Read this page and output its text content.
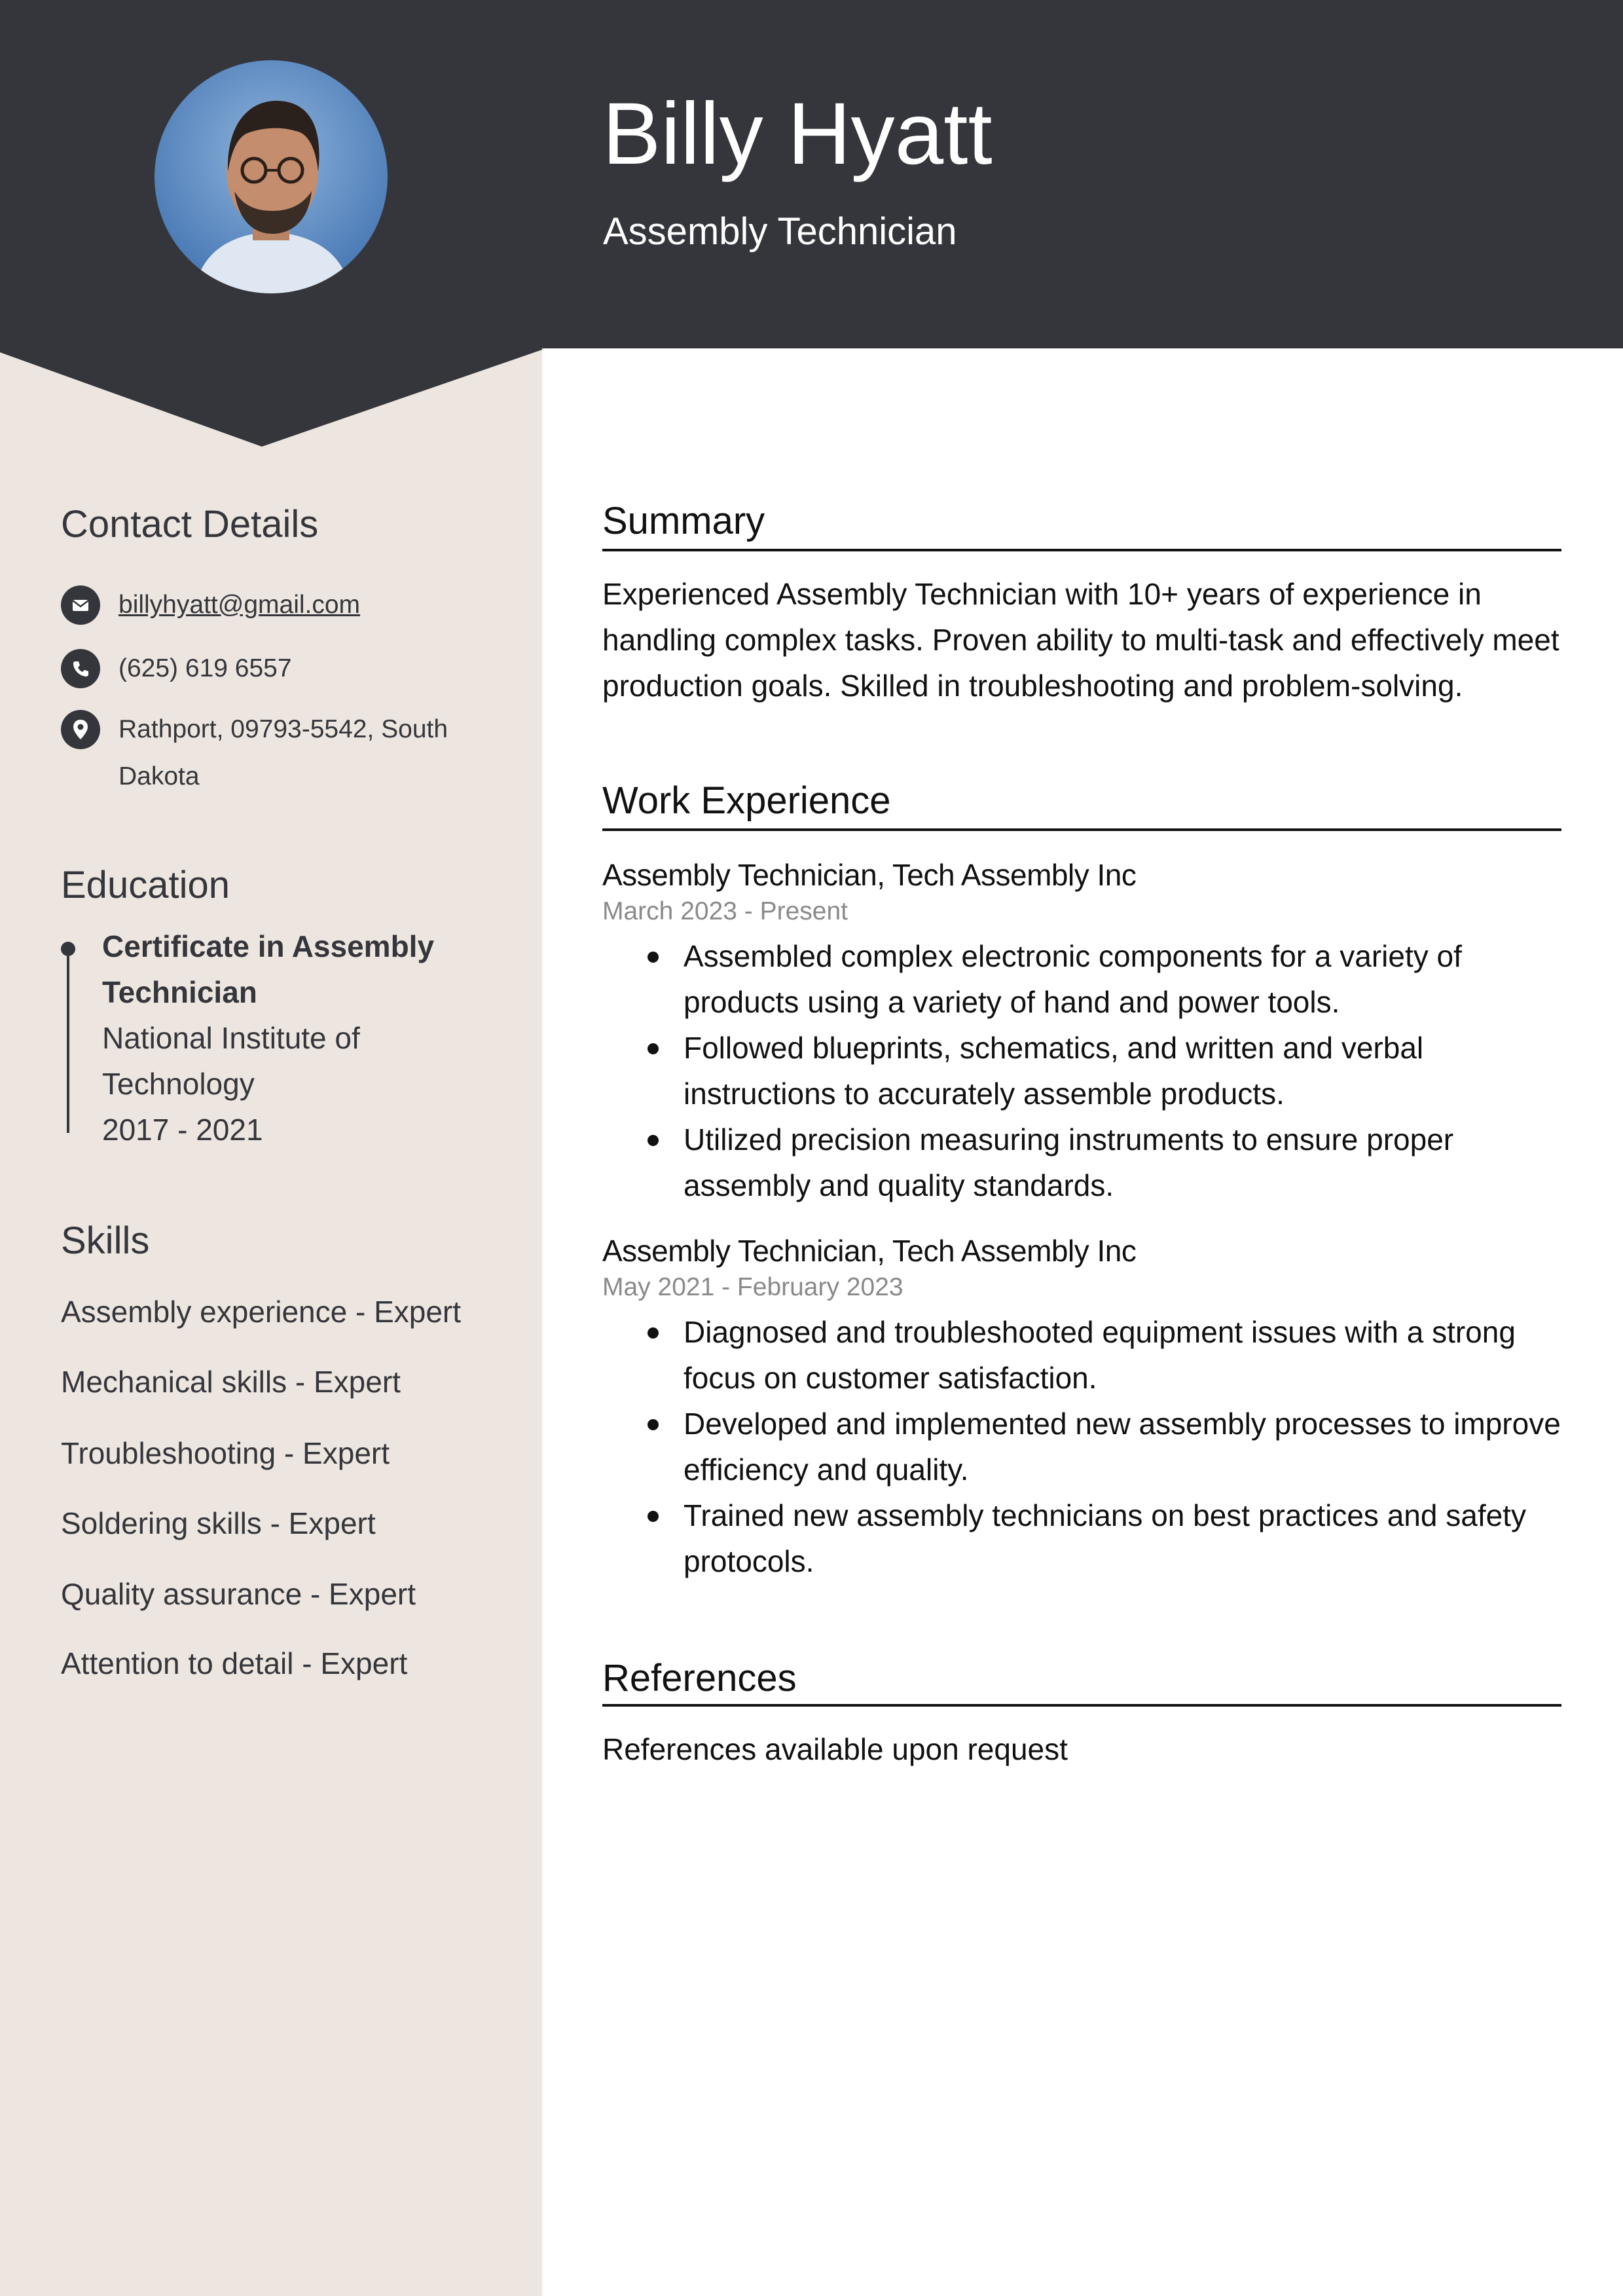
Billy Hyatt
Assembly Technician
Contact Details
billyhyatt@gmail.com
(625) 619 6557
Rathport, 09793-5542, South Dakota
Education
Certificate in Assembly Technician
National Institute of Technology
2017 - 2021
Skills
Assembly experience - Expert
Mechanical skills - Expert
Troubleshooting - Expert
Soldering skills - Expert
Quality assurance - Expert
Attention to detail - Expert
Summary
Experienced Assembly Technician with 10+ years of experience in handling complex tasks. Proven ability to multi-task and effectively meet production goals. Skilled in troubleshooting and problem-solving.
Work Experience
Assembly Technician, Tech Assembly Inc
March 2023 - Present
Assembled complex electronic components for a variety of products using a variety of hand and power tools.
Followed blueprints, schematics, and written and verbal instructions to accurately assemble products.
Utilized precision measuring instruments to ensure proper assembly and quality standards.
Assembly Technician, Tech Assembly Inc
May 2021 - February 2023
Diagnosed and troubleshooted equipment issues with a strong focus on customer satisfaction.
Developed and implemented new assembly processes to improve efficiency and quality.
Trained new assembly technicians on best practices and safety protocols.
References
References available upon request
